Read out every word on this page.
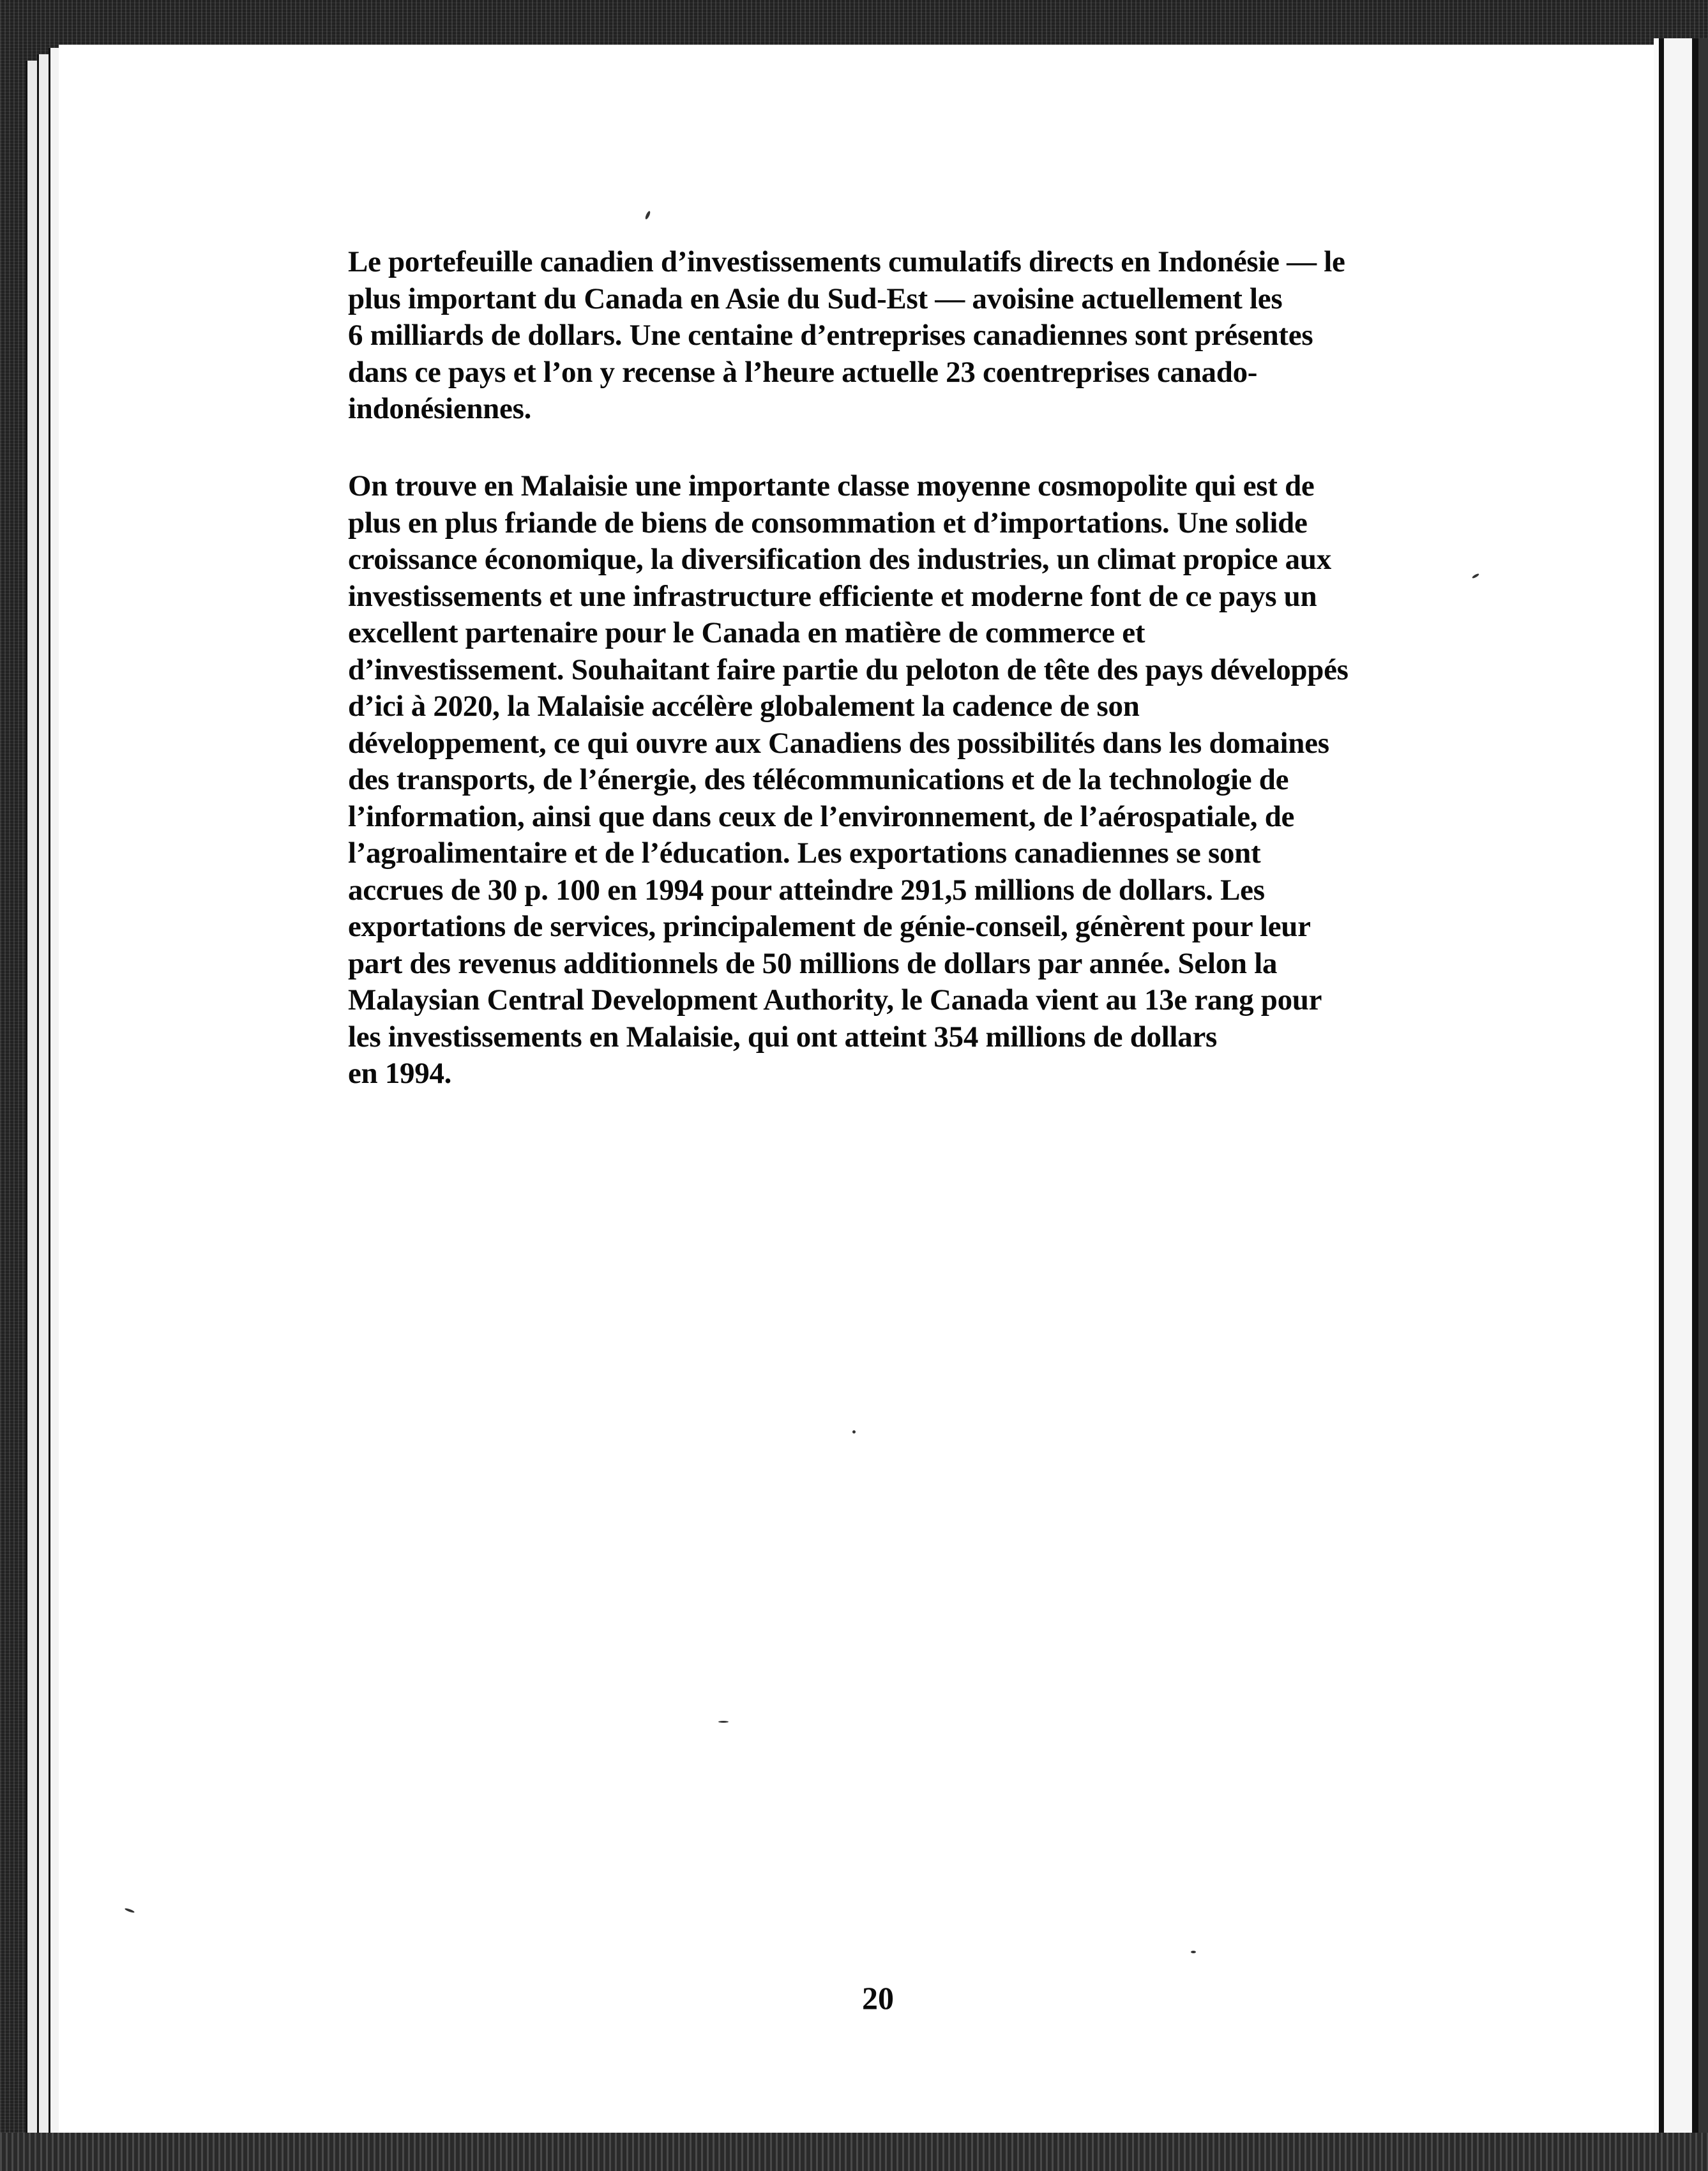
Le portefeuille canadien d’investissements cumulatifs directs en Indonésie — le
plus important du Canada en Asie du Sud-Est — avoisine actuellement les
6 milliards de dollars. Une centaine d’entreprises canadiennes sont présentes
dans ce pays et l’on y recense à l’heure actuelle 23 coentreprises canado-
indonésiennes.
On trouve en Malaisie une importante classe moyenne cosmopolite qui est de
plus en plus friande de biens de consommation et d’importations. Une solide
croissance économique, la diversification des industries, un climat propice aux
investissements et une infrastructure efficiente et moderne font de ce pays un
excellent partenaire pour le Canada en matière de commerce et
d’investissement. Souhaitant faire partie du peloton de tête des pays développés
d’ici à 2020, la Malaisie accélère globalement la cadence de son
développement, ce qui ouvre aux Canadiens des possibilités dans les domaines
des transports, de l’énergie, des télécommunications et de la technologie de
l’information, ainsi que dans ceux de l’environnement, de l’aérospatiale, de
l’agroalimentaire et de l’éducation. Les exportations canadiennes se sont
accrues de 30 p. 100 en 1994 pour atteindre 291,5 millions de dollars. Les
exportations de services, principalement de génie-conseil, génèrent pour leur
part des revenus additionnels de 50 millions de dollars par année. Selon la
Malaysian Central Development Authority, le Canada vient au 13e rang pour
les investissements en Malaisie, qui ont atteint 354 millions de dollars
en 1994.
20
